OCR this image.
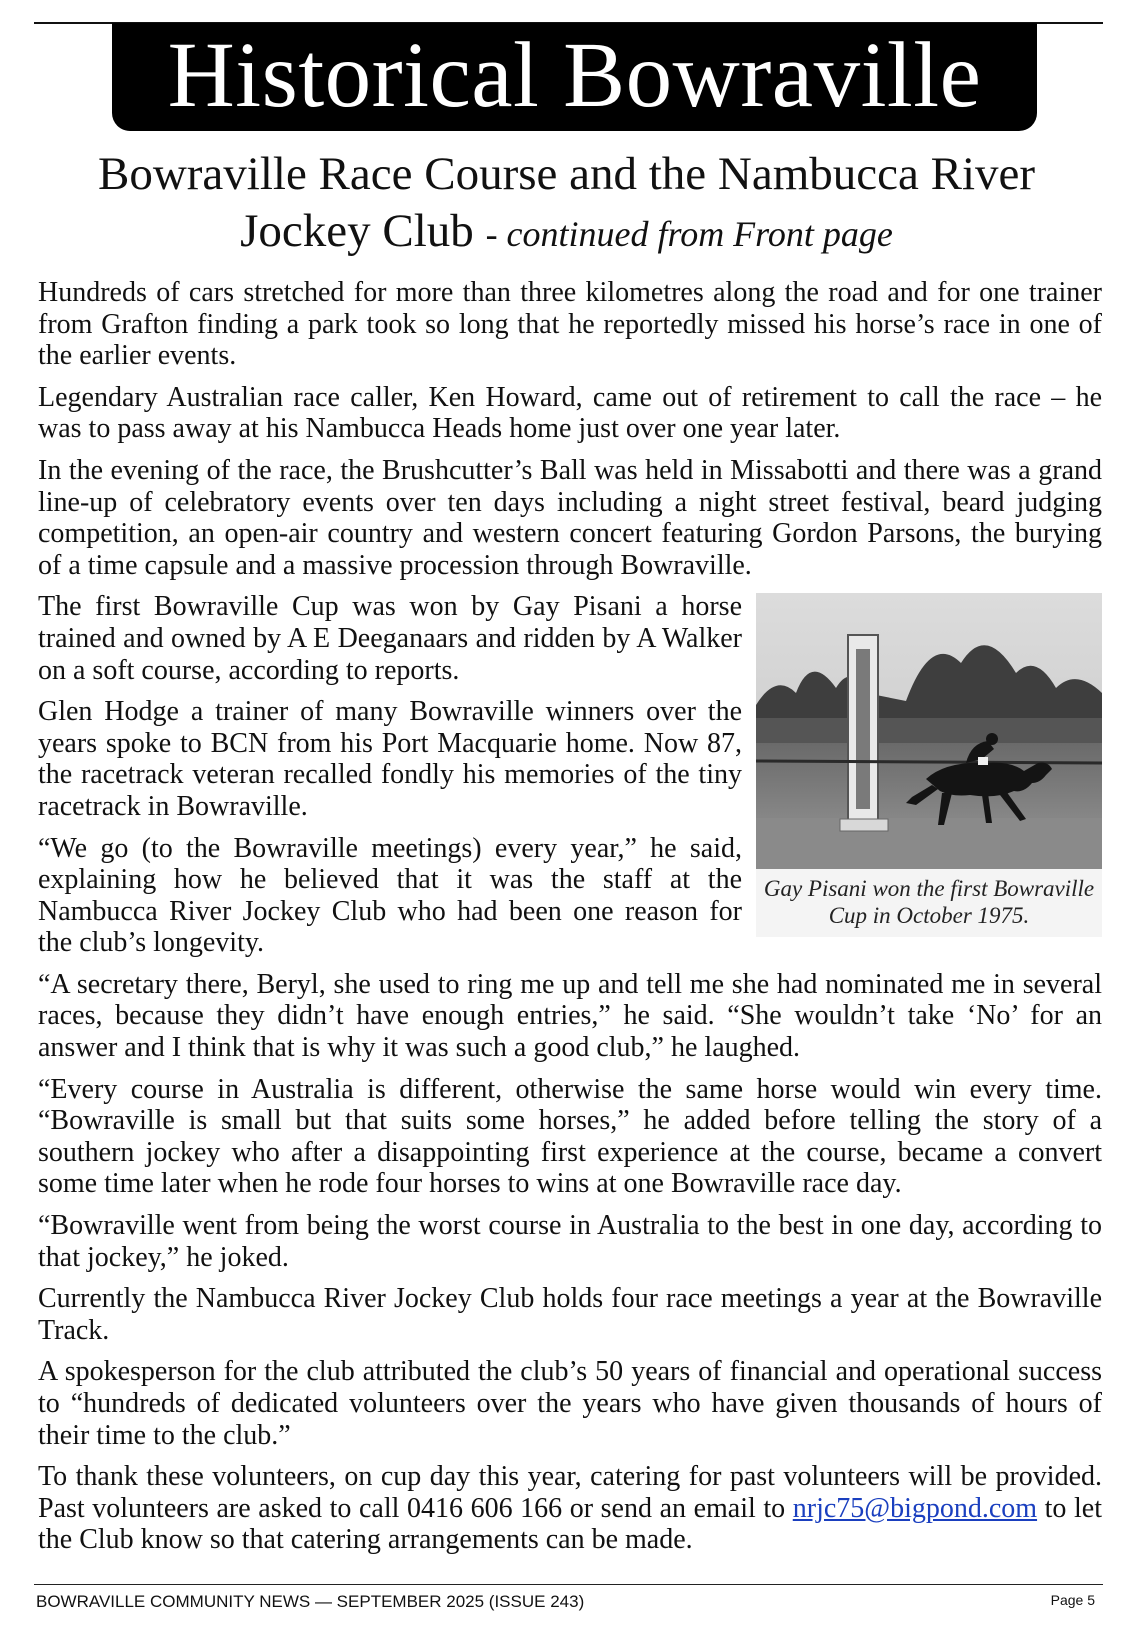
Historical Bowraville
Bowraville Race Course and the Nambucca River Jockey Club - continued from Front page

Hundreds of cars stretched for more than three kilometres along the road and for one trainer from Grafton finding a park took so long that he reportedly missed his horse’s race in one of the earlier events.

Legendary Australian race caller, Ken Howard, came out of retirement to call the race – he was to pass away at his Nambucca Heads home just over one year later.

In the evening of the race, the Brushcutter’s Ball was held in Missabotti and there was a grand line-up of celebratory events over ten days including a night street festival, beard judging competition, an open-air country and western concert featuring Gordon Parsons, the burying of a time capsule and a massive procession through Bowraville.

Gay Pisani won the first Bowraville Cup in October 1975.

The first Bowraville Cup was won by Gay Pisani a horse trained and owned by A E Deeganaars and ridden by A Walker on a soft course, according to reports.

Glen Hodge a trainer of many Bowraville winners over the years spoke to BCN from his Port Macquarie home. Now 87, the racetrack veteran recalled fondly his memories of the tiny racetrack in Bowraville.

“We go (to the Bowraville meetings) every year,” he said, explaining how he believed that it was the staff at the Nambucca River Jockey Club who had been one reason for the club’s longevity.

“A secretary there, Beryl, she used to ring me up and tell me she had nominated me in several races, because they didn’t have enough entries,” he said. “She wouldn’t take ‘No’ for an answer and I think that is why it was such a good club,” he laughed.

“Every course in Australia is different, otherwise the same horse would win every time. “Bowraville is small but that suits some horses,” he added before telling the story of a southern jockey who after a disappointing first experience at the course, became a convert some time later when he rode four horses to wins at one Bowraville race day.

“Bowraville went from being the worst course in Australia to the best in one day, according to that jockey,” he joked.

Currently the Nambucca River Jockey Club holds four race meetings a year at the Bowraville Track.

A spokesperson for the club attributed the club’s 50 years of financial and operational success to “hundreds of dedicated volunteers over the years who have given thousands of hours of their time to the club.”

To thank these volunteers, on cup day this year, catering for past volunteers will be provided. Past volunteers are asked to call 0416 606 166 or send an email to nrjc75@bigpond.com to let the Club know so that catering arrangements can be made.

BOWRAVILLE COMMUNITY NEWS — SEPTEMBER 2025 (ISSUE 243)	Page 5
